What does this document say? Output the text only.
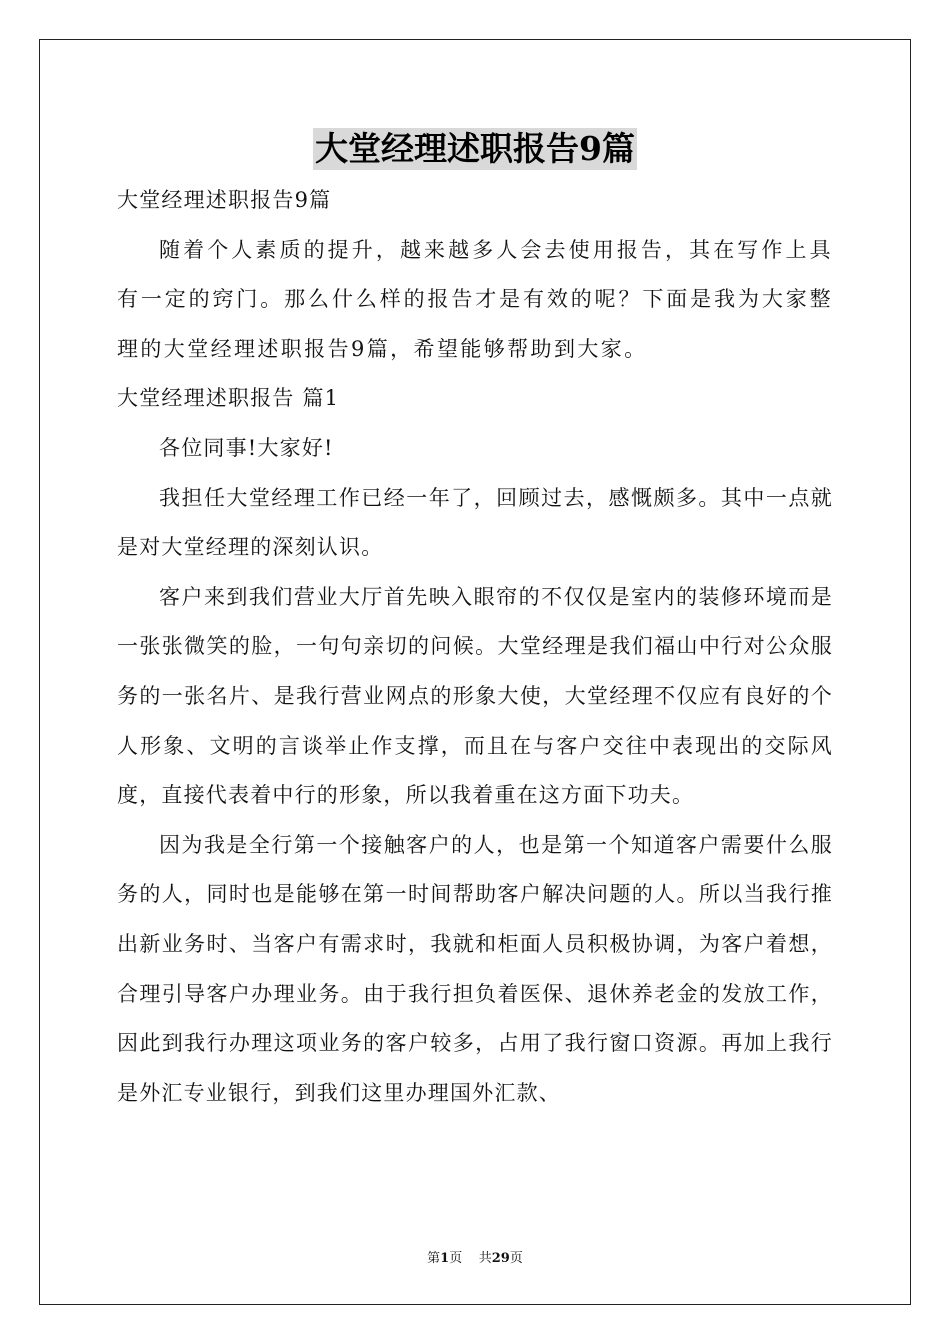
大堂经理述职报告9篇
大堂经理述职报告9篇

随着个人素质的提升，越来越多人会去使用报告，其在写作上具有一定的窍门。那么什么样的报告才是有效的呢？下面是我为大家整理的大堂经理述职报告9篇，希望能够帮助到大家。

大堂经理述职报告 篇1

各位同事!大家好!

我担任大堂经理工作已经一年了，回顾过去，感慨颇多。其中一点就是对大堂经理的深刻认识。

客户来到我们营业大厅首先映入眼帘的不仅仅是室内的装修环境而是一张张微笑的脸，一句句亲切的问候。大堂经理是我们福山中行对公众服务的一张名片、是我行营业网点的形象大使，大堂经理不仅应有良好的个人形象、文明的言谈举止作支撑，而且在与客户交往中表现出的交际风度，直接代表着中行的形象，所以我着重在这方面下功夫。

因为我是全行第一个接触客户的人，也是第一个知道客户需要什么服务的人，同时也是能够在第一时间帮助客户解决问题的人。所以当我行推出新业务时、当客户有需求时，我就和柜面人员积极协调，为客户着想，合理引导客户办理业务。由于我行担负着医保、退休养老金的发放工作，因此到我行办理这项业务的客户较多，占用了我行窗口资源。再加上我行是外汇专业银行，到我们这里办理国外汇款、

第1页 共29页
